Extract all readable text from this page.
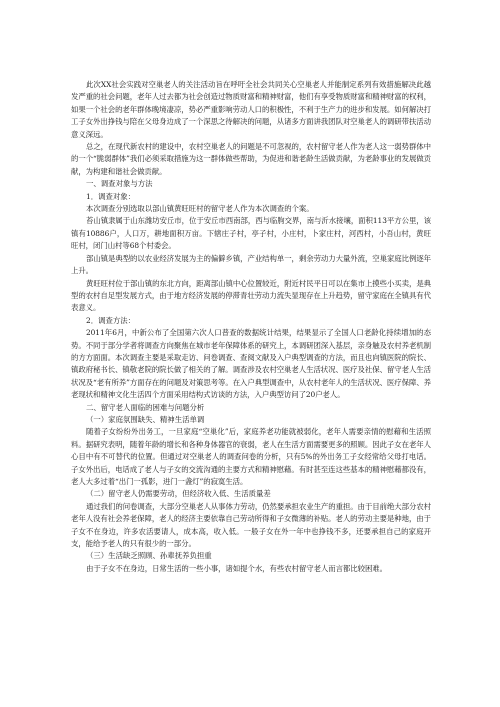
此次XX社会实践对空巢老人的关注活动旨在呼吁全社会共同关心空巢老人并能制定系列有效措施解决此越发严重的社会问题，老年人过去都为社会创造过物质财富和精神财富，他们有享受物质财富和精神财富的权利，如果一个社会的老年群体晚境凄凉，势必严重影响劳动人口的积极性，不利于生产力的进步和发展。如何解决打工子女外出挣钱与陪在父母身边成了一个深思之待解决的问题，从诸多方面讲我团队对空巢老人的调研带扶活动意义深远。

总之，在现代新农村的建设中，农村空巢老人的问题是不可忽视的，农村留守老人作为老人这一弱势群体中的一个“脆弱群体”我们必须采取措施为这一群体做些帮助，为促进和谐老龄生活做贡献，为老龄事业的发展做贡献，为构建和谐社会做贡献。

一、调查对象与方法

1．调查对象：

本次调查分别选取以部山镇黄旺旺村的留守老人作为本次调查的个案。

苔山镇隶属于山东潍坊安丘市，位于安丘市西南部，西与临朐交界，南与沂水接壤，面积113平方公里，该镇有10886户，人口万，耕地面积万亩。下辖庄子村，亭子村，小庄村，卜家庄村，河西村，小吾山村，黄旺旺村，闭门山村等68个村委会。

部山镇是典型的以农业经济发展为主的偏僻乡镇，产业结构单一，剩余劳动力大量外流，空巢家庭比例逐年上升。

黄旺旺村位于部山镇的东北方向，距离部山镇中心位置较近，附近村民平日可以在集市上摸些小买卖，是典型的农村自足型发展方式，由于地方经济发展的停滞青壮劳动力流失显现存在上升趋势，留守家庭在全镇具有代表意义。

2．调查方法：

2011年6月，中新公布了全国第六次人口普查的数据统计结果，结果显示了全国人口老龄化持续增加的态势。不同于部分学者将调查方向聚焦在城市老年保障体系的研究上，本调研团深入基层，亲身触及农村养老机制的方方面面。本次调查主要是采取走访、问卷调查、查阅文献及入户典型调查的方法，而且也向镇医院的院长、镇政府秘书长、镇敬老院的院长做了相关的了解。调查涉及农村空巢老人生活状况、医疗及社保、留守老人生活状况及“老有所养”方面存在的问题及对策思考等。在入户典型调查中，从农村老年人的生活状况、医疗保障、养老现状和精神文化生活四个方面采用结构式访谈的方法，入户典型访问了20户老人。

二、留守老人面临的困难与问题分析

（一）家庭氛围缺失、精神生活单调

随着子女纷纷外出务工，一旦家庭“空巢化”后，家庭养老功能就被弱化，老年人需要亲情的慰藉和生活照料。据研究表明，随着年龄的增长和各种身体器官的衰弱，老人在生活方面需要更多的照顾。因此子女在老年人心目中有不可替代的位置。但通过对空巢老人的调查问卷的分析，只有5%的外出务工子女经常给父母打电话。子女外出后，电话成了老人与子女的交流沟通的主要方式和精神慰藉。有时甚至连这些基本的精神慰藉都没有，老人大多过着“出门一孤影，进门一盏灯”的寂寞生活。

（二）留守老人仍需要劳动，但经济收入低、生活质量差

通过我们的问卷调查，大部分空巢老人从事体力劳动，仍然要承担农业生产的重担。由于目前绝大部分农村老年人没有社会养老保障，老人的经济主要依靠自己劳动所得和子女微薄的补贴。老人的劳动主要是种地，由于子女不在身边，许多农活要请人，成本高，收入低。一般子女在外一年中也挣钱不多，还要承担自己的家庭开支，能给予老人的只有很少的一部分。

（三）生活缺乏照顾、孙辈抚养负担重

由于子女不在身边，日常生活的一些小事，诸如提个水，有些农村留守老人而言都比较困难。
